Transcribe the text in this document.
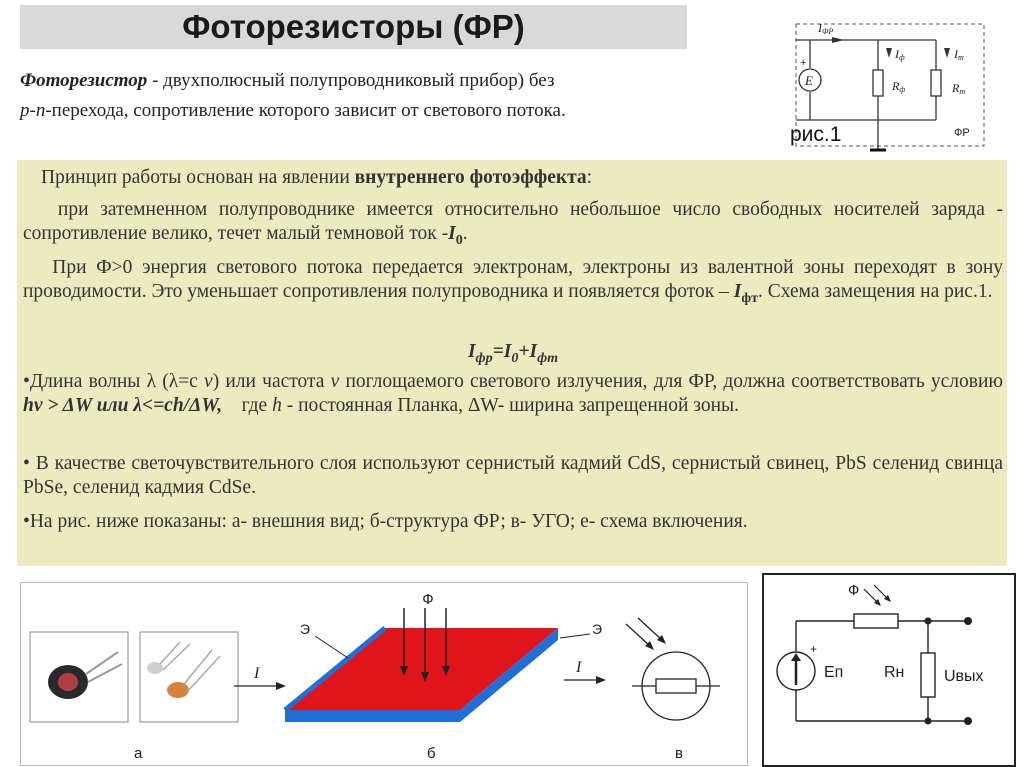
Фоторезисторы (ФР)
Фоторезистор - двухполюсный полупроводниковый прибор) без
p-n-перехода, сопротивление которого зависит от светового потока.
IФР
+
E
Iф
Rф
Iт
Rт
ФР
рис.1
Принцип работы основан на явлении внутреннего фотоэффекта:
при затемненном полупроводнике имеется относительно небольшое число свободных носителей заряда - сопротивление велико, течет малый темновой ток $-I_0$.
При Ф>0 энергия светового потока передается электронам, электроны из валентной зоны переходят в зону проводимости. Это уменьшает сопротивления полупроводника и появляется фоток – $I_{фт}$. Схема замещения на рис.1.
$I_{фр}=I_0+I_{фт}$
•Длина волны λ (λ=c ν) или частота ν поглощаемого светового излучения, для ФР, должна соответствовать условию hν > ΔW или λ<=ch/ΔW,    где h - постоянная Планка, ΔW- ширина запрещенной зоны.
• В качестве светочувствительного слоя используют сернистый кадмий CdS, сернистый свинец, PbS селенид свинца PbSe, селенид кадмия CdSe.
•На рис. ниже показаны: а- внешния вид; б-структура ФР; в- УГО; е- схема включения.
Ф
Э	Э
I	I
а	б	в
Ф
+
Еп	Rн Uвых
